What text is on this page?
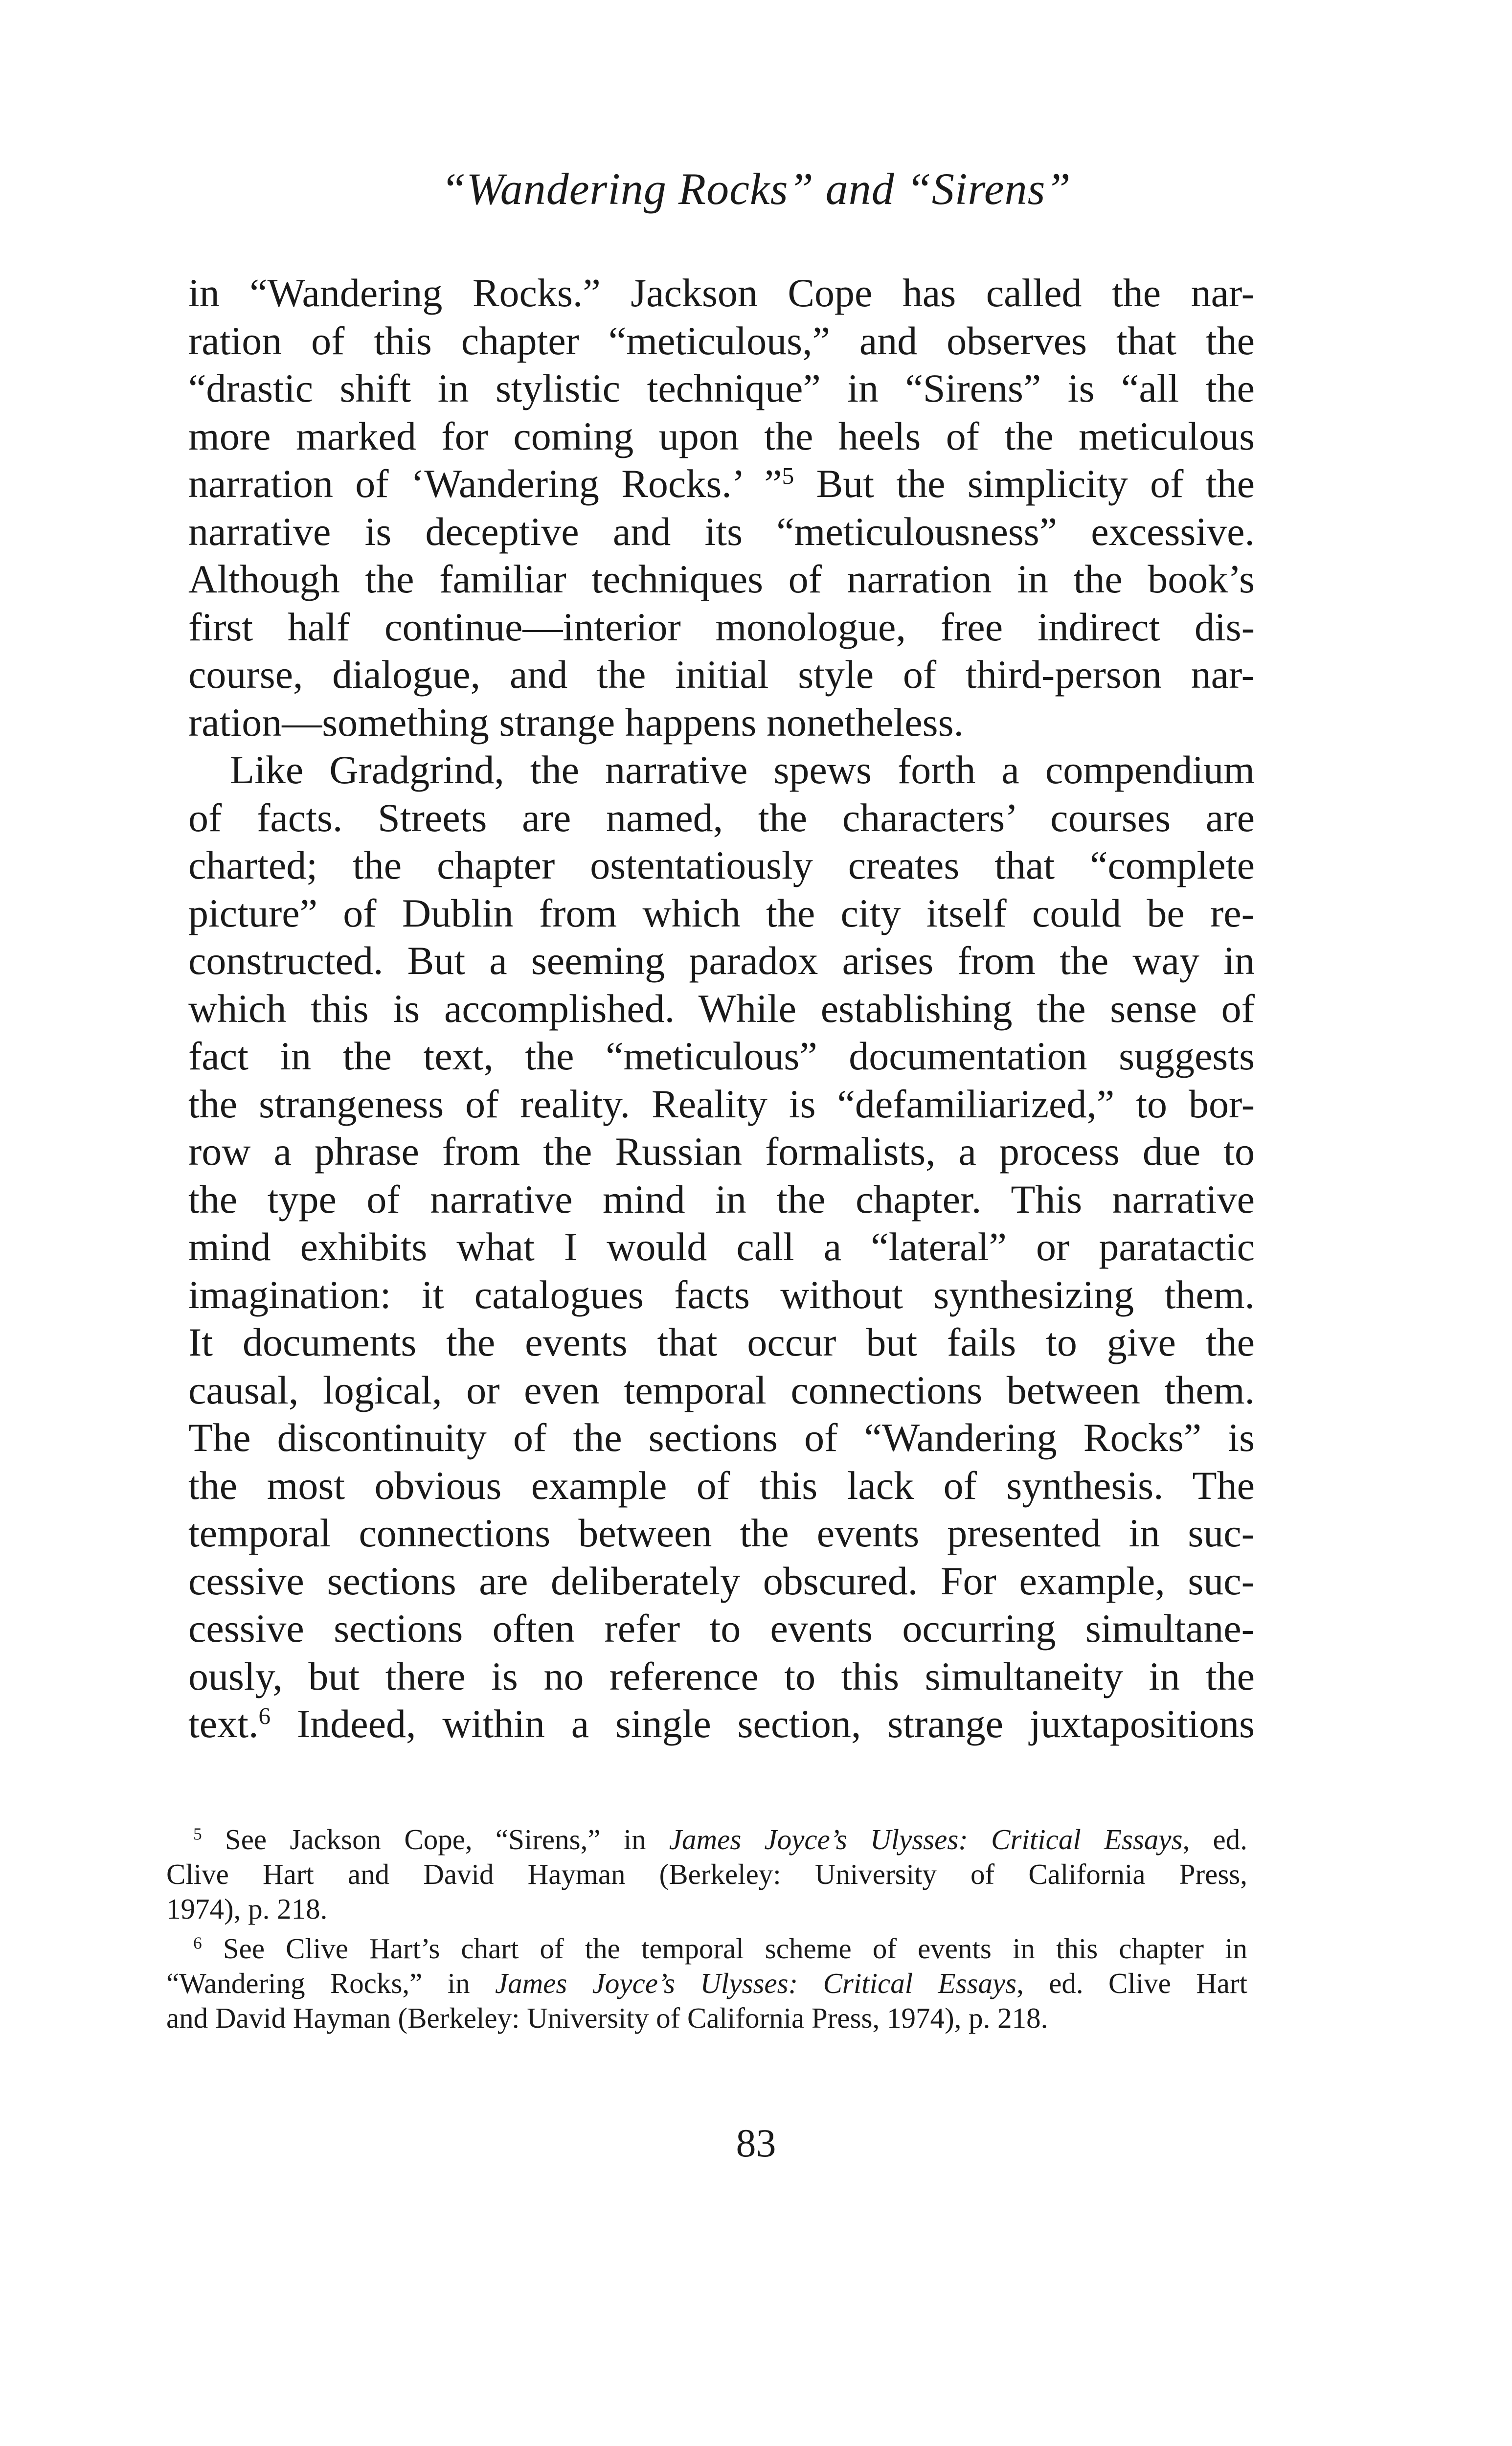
“Wandering Rocks” and “Sirens”
in “Wandering Rocks.” Jackson Cope has called the nar-
ration of this chapter “meticulous,” and observes that the
“drastic shift in stylistic technique” in “Sirens” is “all the
more marked for coming upon the heels of the meticulous
narration of ‘Wandering Rocks.’ ”$^5$ But the simplicity of the
narrative is deceptive and its “meticulousness” excessive.
Although the familiar techniques of narration in the book’s
first half continue—interior monologue, free indirect dis-
course, dialogue, and the initial style of third-person nar-
ration—something strange happens nonetheless.
Like Gradgrind, the narrative spews forth a compendium
of facts. Streets are named, the characters’ courses are
charted; the chapter ostentatiously creates that “complete
picture” of Dublin from which the city itself could be re-
constructed. But a seeming paradox arises from the way in
which this is accomplished. While establishing the sense of
fact in the text, the “meticulous” documentation suggests
the strangeness of reality. Reality is “defamiliarized,” to bor-
row a phrase from the Russian formalists, a process due to
the type of narrative mind in the chapter. This narrative
mind exhibits what I would call a “lateral” or paratactic
imagination: it catalogues facts without synthesizing them.
It documents the events that occur but fails to give the
causal, logical, or even temporal connections between them.
The discontinuity of the sections of “Wandering Rocks” is
the most obvious example of this lack of synthesis. The
temporal connections between the events presented in suc-
cessive sections are deliberately obscured. For example, suc-
cessive sections often refer to events occurring simultane-
ously, but there is no reference to this simultaneity in the
text.$^6$ Indeed, within a single section, strange juxtapositions
$^5$ See Jackson Cope, “Sirens,” in James Joyce’s Ulysses: Critical Essays, ed.
Clive Hart and David Hayman (Berkeley: University of California Press,
1974), p. 218.
$^6$ See Clive Hart’s chart of the temporal scheme of events in this chapter in
“Wandering Rocks,” in James Joyce’s Ulysses: Critical Essays, ed. Clive Hart
and David Hayman (Berkeley: University of California Press, 1974), p. 218.
83
